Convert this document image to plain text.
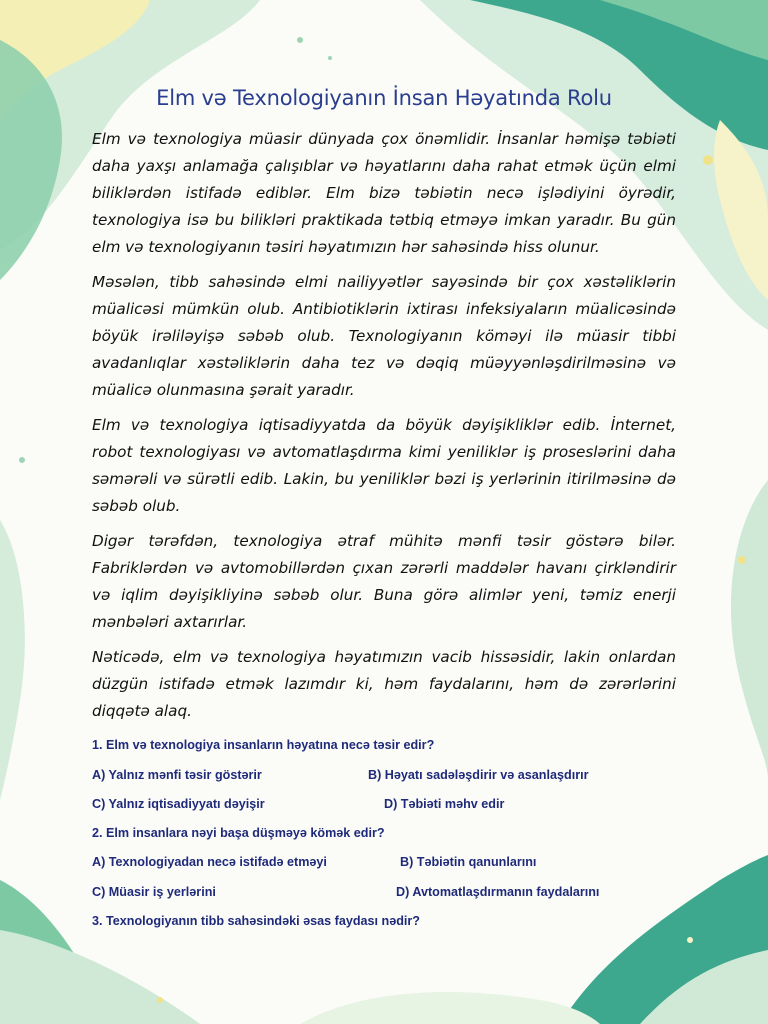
Elm və Texnologiyanın İnsan Həyatında Rolu

Elm və texnologiya müasir dünyada çox önəmlidir. İnsanlar həmişə təbiəti daha yaxşı anlamağa çalışıblar və həyatlarını daha rahat etmək üçün elmi biliklərdən istifadə ediblər. Elm bizə təbiətin necə işlədiyini öyrədir, texnologiya isə bu bilikləri praktikada tətbiq etməyə imkan yaradır. Bu gün elm və texnologiyanın təsiri həyatımızın hər sahəsində hiss olunur.

Məsələn, tibb sahəsində elmi nailiyyətlər sayəsində bir çox xəstəliklərin müalicəsi mümkün olub. Antibiotiklərin ixtirası infeksiyaların müalicəsində böyük irəliləyişə səbəb olub. Texnologiyanın köməyi ilə müasir tibbi avadanlıqlar xəstəliklərin daha tez və dəqiq müəyyənləşdirilməsinə və müalicə olunmasına şərait yaradır.

Elm və texnologiya iqtisadiyyatda da böyük dəyişikliklər edib. İnternet, robot texnologiyası və avtomatlaşdırma kimi yeniliklər iş proseslərini daha səmərəli və sürətli edib. Lakin, bu yeniliklər bəzi iş yerlərinin itirilməsinə də səbəb olub.

Digər tərəfdən, texnologiya ətraf mühitə mənfi təsir göstərə bilər. Fabriklərdən və avtomobillərdən çıxan zərərli maddələr havanı çirkləndirir və iqlim dəyişikliyinə səbəb olur. Buna görə alimlər yeni, təmiz enerji mənbələri axtarırlar.

Nəticədə, elm və texnologiya həyatımızın vacib hissəsidir, lakin onlardan düzgün istifadə etmək lazımdır ki, həm faydalarını, həm də zərərlərini diqqətə alaq.

1. Elm və texnologiya insanların həyatına necə təsir edir?
A) Yalnız mənfi təsir göstərir	B) Həyatı sadələşdirir və asanlaşdırır
C) Yalnız iqtisadiyyatı dəyişir	D) Təbiəti məhv edir
2. Elm insanlara nəyi başa düşməyə kömək edir?
A) Texnologiyadan necə istifadə etməyi	B) Təbiətin qanunlarını
C) Müasir iş yerlərini	D) Avtomatlaşdırmanın faydalarını
3. Texnologiyanın tibb sahəsindəki əsas faydası nədir?
